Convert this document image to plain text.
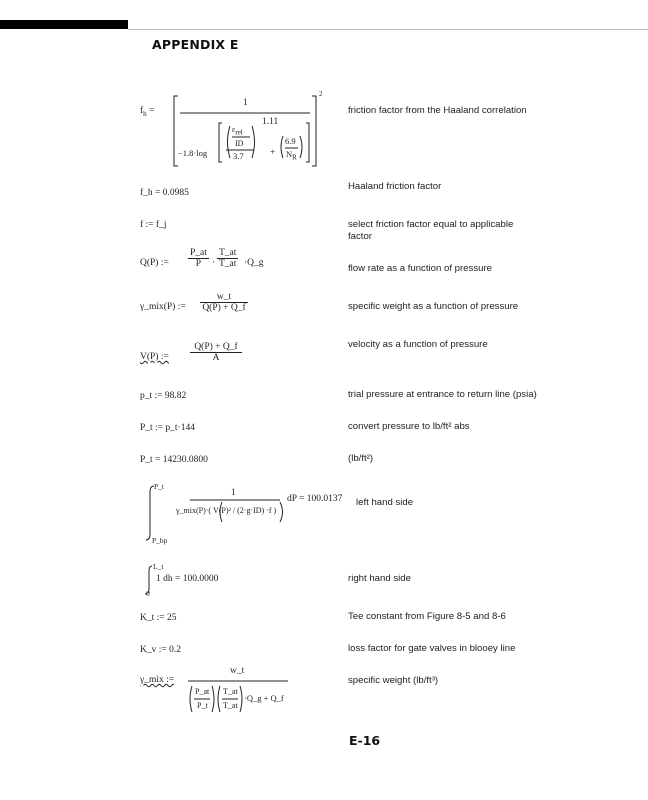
APPENDIX E
friction factor from the Haaland correlation
Haaland friction factor
select friction factor equal to applicable factor
flow rate as a function of pressure
specific weight as a function of pressure
velocity as a function of pressure
trial pressure at entrance to return line (psia)
convert pressure to lb/ft² abs
(lb/ft²)
left hand side
right hand side
Tee constant from Figure 8-5 and 8-6
loss factor for gate valves in blooey line
specific weight (lb/ft³)
$f_h$ =
1
2
1.11
$\varepsilon_{rel}$
ID
3.7
−1.8·log	+
6.9
$N_R$
f_h = 0.0985
f := f_j
Q(P) := $\frac{P\_at}{P} \cdot \frac{T\_at}{T\_at}$ ·Q_g
γ_mix(P) := $\frac{w\_t}{Q(P) + Q\_f}$
V(P) := $\frac{Q(P) + Q\_f}{A}$
p_t := 98.82
P_t := p_t·144
P_t = 14230.0800
P_t
P_bp
1
γ_mix(P)·( V(P)² / (2·g·ID) ·f )
dP = 100.0137
L_t
0
1 dh = 100.0000
K_t := 25
K_v := 0.2
γ_mix :=
w_t
P_at
P_t
T_at
T_at
·Q_g + Q_f
E-16
